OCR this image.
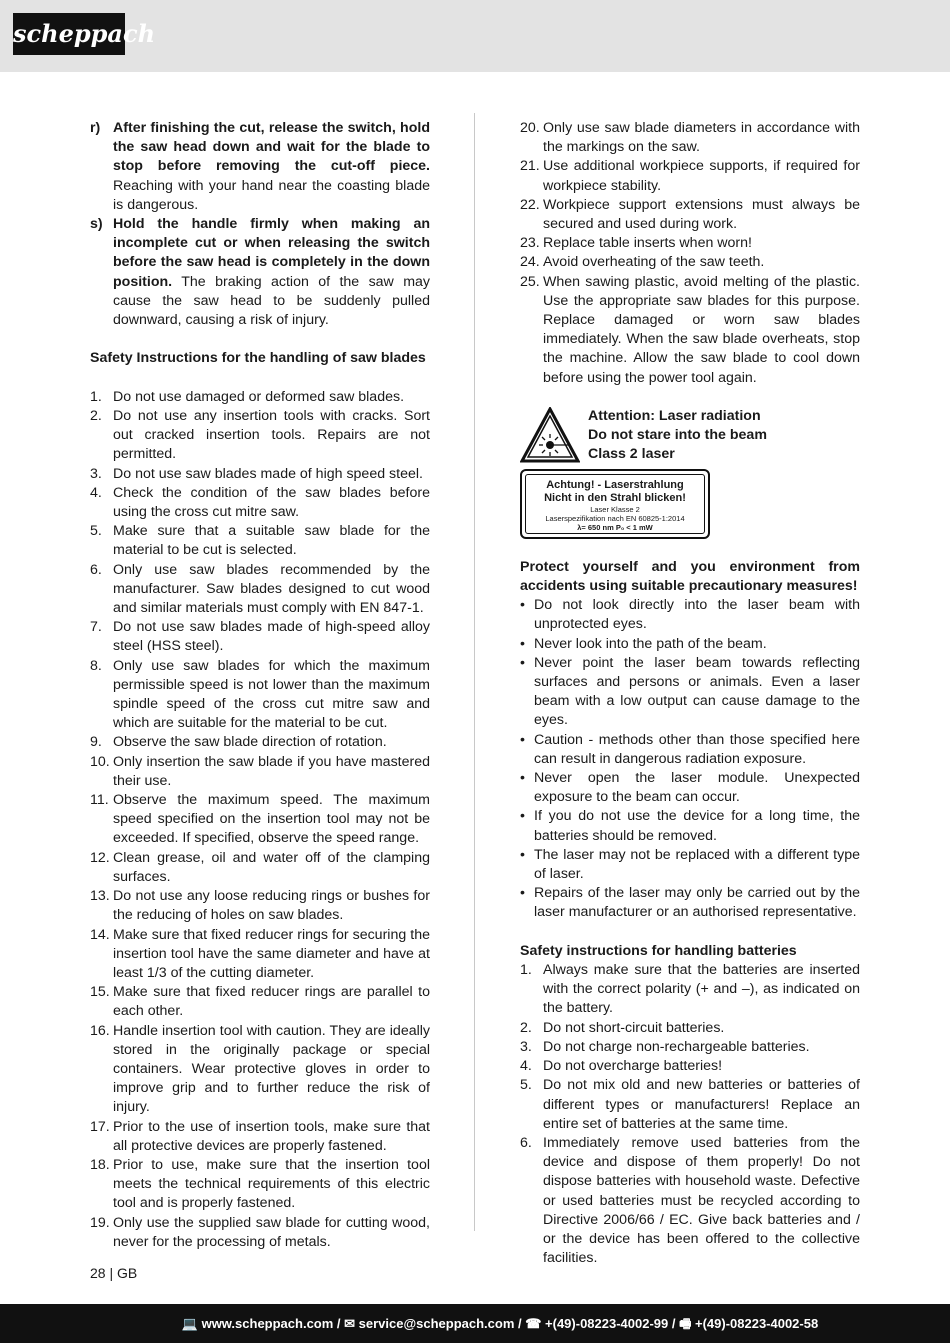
scheppach
r) After finishing the cut, release the switch, hold the saw head down and wait for the blade to stop before removing the cut-off piece. Reaching with your hand near the coasting blade is dangerous.
s) Hold the handle firmly when making an incomplete cut or when releasing the switch before the saw head is completely in the down position. The braking action of the saw may cause the saw head to be suddenly pulled downward, causing a risk of injury.
Safety Instructions for the handling of saw blades
1. Do not use damaged or deformed saw blades.
2. Do not use any insertion tools with cracks. Sort out cracked insertion tools. Repairs are not permitted.
3. Do not use saw blades made of high speed steel.
4. Check the condition of the saw blades before using the cross cut mitre saw.
5. Make sure that a suitable saw blade for the material to be cut is selected.
6. Only use saw blades recommended by the manufacturer. Saw blades designed to cut wood and similar materials must comply with EN 847-1.
7. Do not use saw blades made of high-speed alloy steel (HSS steel).
8. Only use saw blades for which the maximum permissible speed is not lower than the maximum spindle speed of the cross cut mitre saw and which are suitable for the material to be cut.
9. Observe the saw blade direction of rotation.
10. Only insertion the saw blade if you have mastered their use.
11. Observe the maximum speed. The maximum speed specified on the insertion tool may not be exceeded. If specified, observe the speed range.
12. Clean grease, oil and water off of the clamping surfaces.
13. Do not use any loose reducing rings or bushes for the reducing of holes on saw blades.
14. Make sure that fixed reducer rings for securing the insertion tool have the same diameter and have at least 1/3 of the cutting diameter.
15. Make sure that fixed reducer rings are parallel to each other.
16. Handle insertion tool with caution. They are ideally stored in the originally package or special containers. Wear protective gloves in order to improve grip and to further reduce the risk of injury.
17. Prior to the use of insertion tools, make sure that all protective devices are properly fastened.
18. Prior to use, make sure that the insertion tool meets the technical requirements of this electric tool and is properly fastened.
19. Only use the supplied saw blade for cutting wood, never for the processing of metals.
20. Only use saw blade diameters in accordance with the markings on the saw.
21. Use additional workpiece supports, if required for workpiece stability.
22. Workpiece support extensions must always be secured and used during work.
23. Replace table inserts when worn!
24. Avoid overheating of the saw teeth.
25. When sawing plastic, avoid melting of the plastic. Use the appropriate saw blades for this purpose. Replace damaged or worn saw blades immediately. When the saw blade overheats, stop the machine. Allow the saw blade to cool down before using the power tool again.
Attention: Laser radiation
Do not stare into the beam
Class 2 laser
Achtung! - Laserstrahlung
Nicht in den Strahl blicken!
Laser Klasse 2
Laserspezifikation nach EN 60825-1:2014
λ= 650 nm P₀ < 1 mW
Protect yourself and you environment from accidents using suitable precautionary measures!
• Do not look directly into the laser beam with unprotected eyes.
• Never look into the path of the beam.
• Never point the laser beam towards reflecting surfaces and persons or animals. Even a laser beam with a low output can cause damage to the eyes.
• Caution - methods other than those specified here can result in dangerous radiation exposure.
• Never open the laser module. Unexpected exposure to the beam can occur.
• If you do not use the device for a long time, the batteries should be removed.
• The laser may not be replaced with a different type of laser.
• Repairs of the laser may only be carried out by the laser manufacturer or an authorised representative.
Safety instructions for handling batteries
1. Always make sure that the batteries are inserted with the correct polarity (+ and –), as indicated on the battery.
2. Do not short-circuit batteries.
3. Do not charge non-rechargeable batteries.
4. Do not overcharge batteries!
5. Do not mix old and new batteries or batteries of different types or manufacturers! Replace an entire set of batteries at the same time.
6. Immediately remove used batteries from the device and dispose of them properly! Do not dispose batteries with household waste. Defective or used batteries must be recycled according to Directive 2006/66 / EC. Give back batteries and / or the device has been offered to the collective facilities.
28 | GB
💻 www.scheppach.com / ✉ service@scheppach.com / ☎ +(49)-08223-4002-99 / 🖷 +(49)-08223-4002-58
